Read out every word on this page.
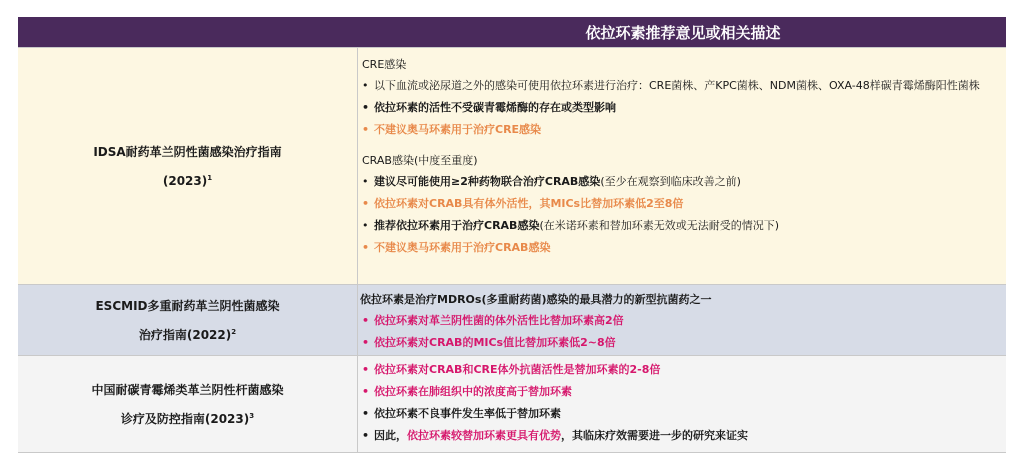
依拉环素推荐意见或相关描述
IDSA耐药革兰阴性菌感染治疗指南
$(2023)^1$
CRE感染
• 以下血流或泌尿道之外的感染可使用依拉环素进行治疗：CRE菌株、产KPC菌株、NDM菌株、OXA-48样碳青霉烯酶阳性菌株
• 依拉环素的活性不受碳青霉烯酶的存在或类型影响
• 不建议奥马环素用于治疗CRE感染
CRAB感染(中度至重度)
• 建议尽可能使用≥2种药物联合治疗CRAB感染(至少在观察到临床改善之前)
• 依拉环素对CRAB具有体外活性，其MICs比替加环素低2至8倍
• 推荐依拉环素用于治疗CRAB感染(在米诺环素和替加环素无效或无法耐受的情况下)
• 不建议奥马环素用于治疗CRAB感染
ESCMID多重耐药革兰阴性菌感染
治疗指南$(2022)^2$
依拉环素是治疗MDROs(多重耐药菌)感染的最具潜力的新型抗菌药之一
• 依拉环素对革兰阴性菌的体外活性比替加环素高2倍
• 依拉环素对CRAB的MICs值比替加环素低2~8倍
中国耐碳青霉烯类革兰阴性杆菌感染
诊疗及防控指南$(2023)^3$
• 依拉环素对CRAB和CRE体外抗菌活性是替加环素的2-8倍
• 依拉环素在肺组织中的浓度高于替加环素
• 依拉环素不良事件发生率低于替加环素
• 因此，依拉环素较替加环素更具有优势，其临床疗效需要进一步的研究来证实
